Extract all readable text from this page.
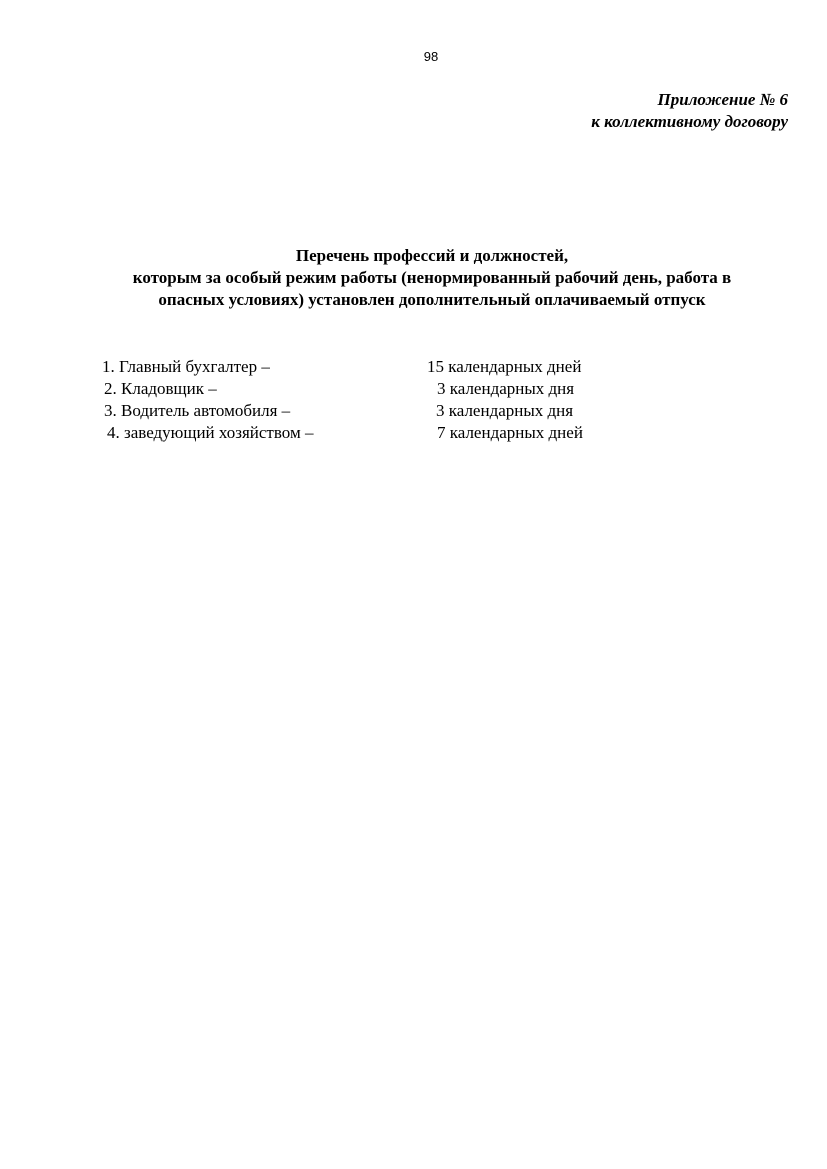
98
Приложение № 6
к коллективному договору
Перечень профессий и должностей,
которым за особый режим работы (ненормированный рабочий день, работа в
опасных условиях) установлен дополнительный оплачиваемый отпуск

1. Главный бухгалтер –

	15 календарных дней

2. Кладовщик –

	3 календарных дня

3. Водитель автомобиля –

	3 календарных дня

4. заведующий хозяйством –

	7 календарных дней
